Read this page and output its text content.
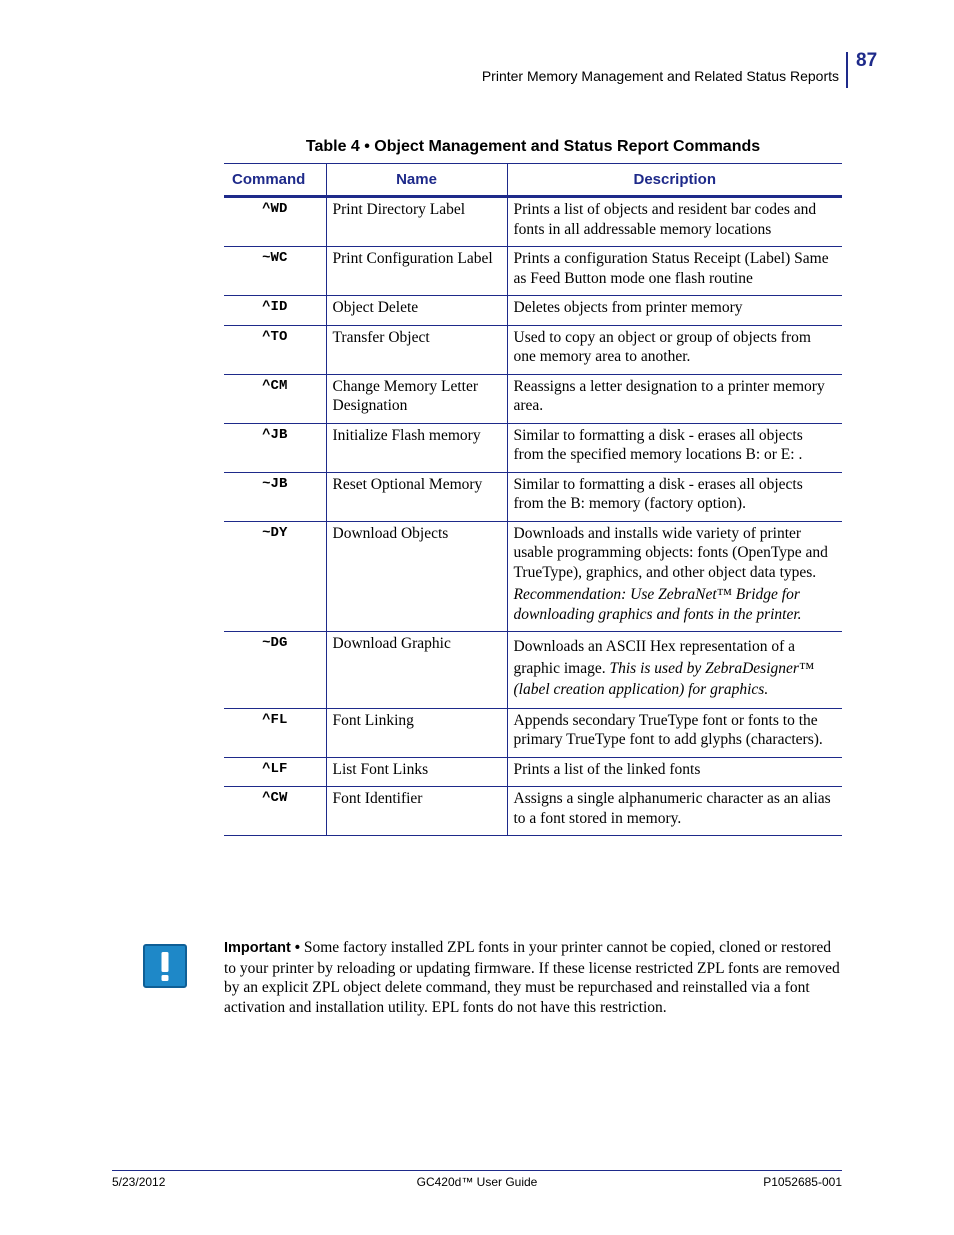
Printer Memory Management and Related Status Reports
87
Table 4 • Object Management and Status Report Commands
Command	Name	Description
^WD	Print Directory Label	Prints a list of objects and resident bar codes and fonts in all addressable memory locations
~WC	Print Configuration Label	Prints a configuration Status Receipt (Label) Same as Feed Button mode one flash routine
^ID	Object Delete	Deletes objects from printer memory
^TO	Transfer Object	Used to copy an object or group of objects from one memory area to another.
^CM	Change Memory Letter Designation	Reassigns a letter designation to a printer memory area.
^JB	Initialize Flash memory	Similar to formatting a disk - erases all objects from the specified memory locations B: or E: .
~JB	Reset Optional Memory	Similar to formatting a disk - erases all objects from the B: memory (factory option).
~DY	Download Objects	Downloads and installs wide variety of printer usable programming objects: fonts (OpenType and TrueType), graphics, and other object data types.
Recommendation: Use ZebraNet™ Bridge for downloading graphics and fonts in the printer.

~DG	Download Graphic	Downloads an ASCII Hex representation of a graphic image. This is used by ZebraDesigner™ (label creation application) for graphics.
^FL	Font Linking	Appends secondary TrueType font or fonts to the primary TrueType font to add glyphs (characters).
^LF	List Font Links	Prints a list of the linked fonts
^CW	Font Identifier	Assigns a single alphanumeric character as an alias to a font stored in memory.
Important • Some factory installed ZPL fonts in your printer cannot be copied, cloned or restored to your printer by reloading or updating firmware. If these license restricted ZPL fonts are removed by an explicit ZPL object delete command, they must be repurchased and reinstalled via a font activation and installation utility. EPL fonts do not have this restriction.
5/23/2012	GC420d™ User Guide	P1052685-001
